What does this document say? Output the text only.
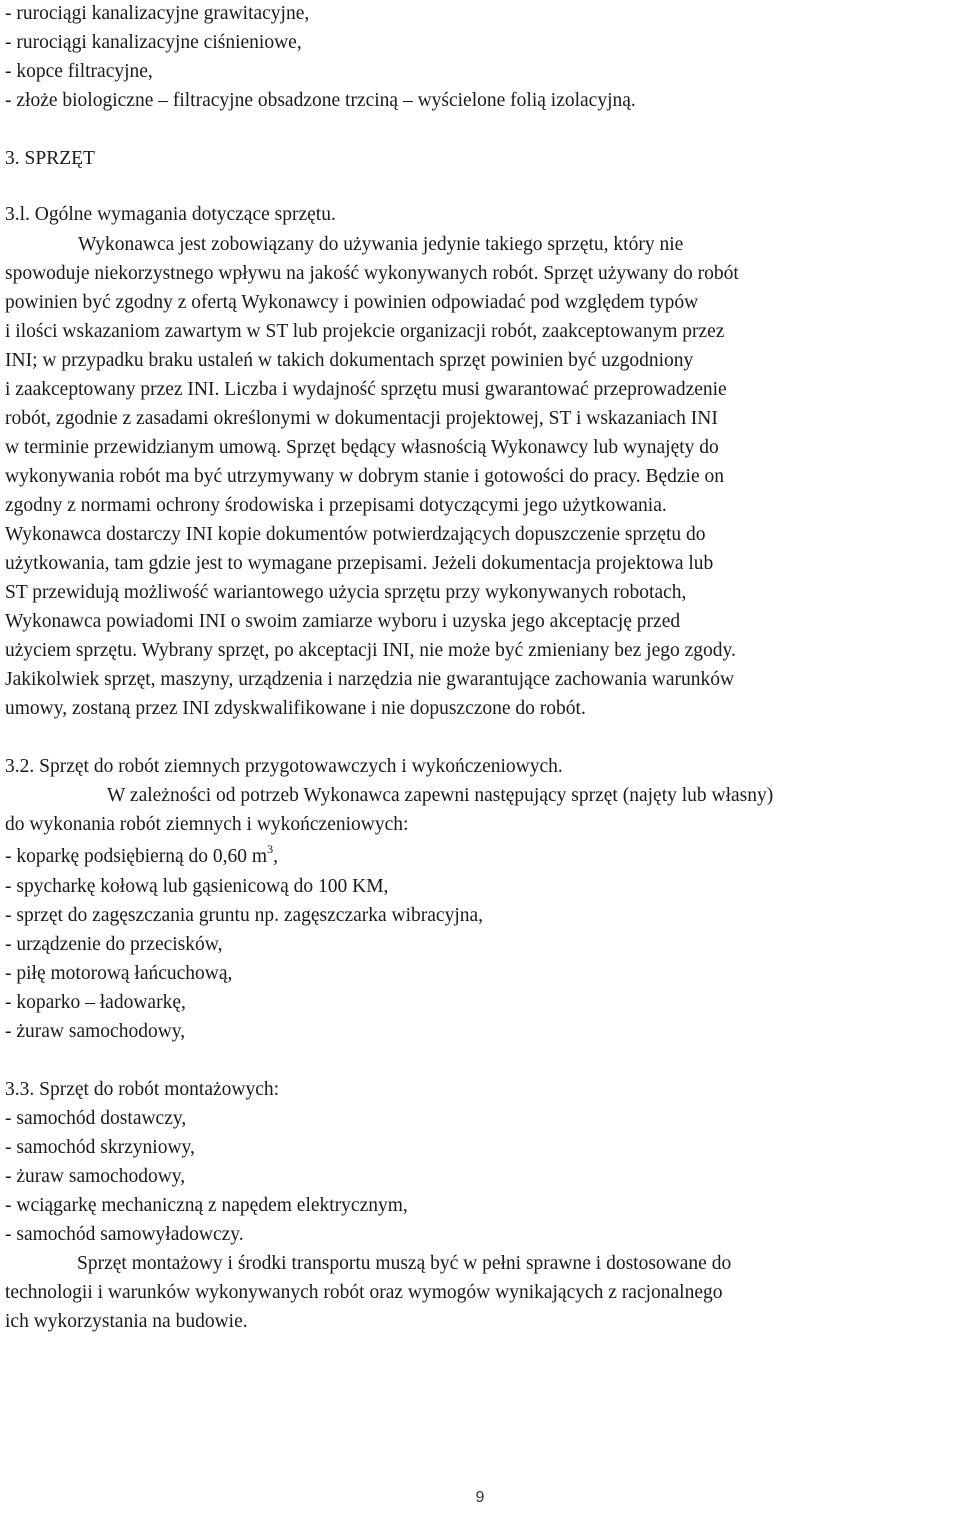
- rurociągi kanalizacyjne grawitacyjne,
- rurociągi kanalizacyjne ciśnieniowe,
- kopce filtracyjne,
- złoże biologiczne – filtracyjne obsadzone trzciną – wyścielone folią izolacyjną.
3. SPRZĘT
3.l. Ogólne wymagania dotyczące sprzętu.
Wykonawca jest zobowiązany do używania jedynie takiego sprzętu, który nie
spowoduje niekorzystnego wpływu na jakość wykonywanych robót. Sprzęt używany do robót
powinien być zgodny z ofertą Wykonawcy i powinien odpowiadać pod względem typów
i ilości wskazaniom zawartym w ST lub projekcie organizacji robót, zaakceptowanym przez
INI; w przypadku braku ustaleń w takich dokumentach sprzęt powinien być uzgodniony
i zaakceptowany przez INI. Liczba i wydajność sprzętu musi gwarantować przeprowadzenie
robót, zgodnie z zasadami określonymi w dokumentacji projektowej, ST i wskazaniach INI
w terminie przewidzianym umową. Sprzęt będący własnością Wykonawcy lub wynajęty do
wykonywania robót ma być utrzymywany w dobrym stanie i gotowości do pracy. Będzie on
zgodny z normami ochrony środowiska i przepisami dotyczącymi jego użytkowania.
Wykonawca dostarczy INI kopie dokumentów potwierdzających dopuszczenie sprzętu do
użytkowania, tam gdzie jest to wymagane przepisami. Jeżeli dokumentacja projektowa lub
ST przewidują możliwość wariantowego użycia sprzętu przy wykonywanych robotach,
Wykonawca powiadomi INI o swoim zamiarze wyboru i uzyska jego akceptację przed
użyciem sprzętu. Wybrany sprzęt, po akceptacji INI, nie może być zmieniany bez jego zgody.
Jakikolwiek sprzęt, maszyny, urządzenia i narzędzia nie gwarantujące zachowania warunków
umowy, zostaną przez INI zdyskwalifikowane i nie dopuszczone do robót.
3.2. Sprzęt do robót ziemnych przygotowawczych i wykończeniowych.
W zależności od potrzeb Wykonawca zapewni następujący sprzęt (najęty lub własny)
do wykonania robót ziemnych i wykończeniowych:
- koparkę podsiębierną do 0,60 $m^3$,
- spycharkę kołową lub gąsienicową do 100 KM,
- sprzęt do zagęszczania gruntu np. zagęszczarka wibracyjna,
- urządzenie do przecisków,
- piłę motorową łańcuchową,
- koparko – ładowarkę,
- żuraw samochodowy,
3.3. Sprzęt do robót montażowych:
- samochód dostawczy,
- samochód skrzyniowy,
- żuraw samochodowy,
- wciągarkę mechaniczną z napędem elektrycznym,
- samochód samowyładowczy.
Sprzęt montażowy i środki transportu muszą być w pełni sprawne i dostosowane do
technologii i warunków wykonywanych robót oraz wymogów wynikających z racjonalnego
ich wykorzystania na budowie.
9
